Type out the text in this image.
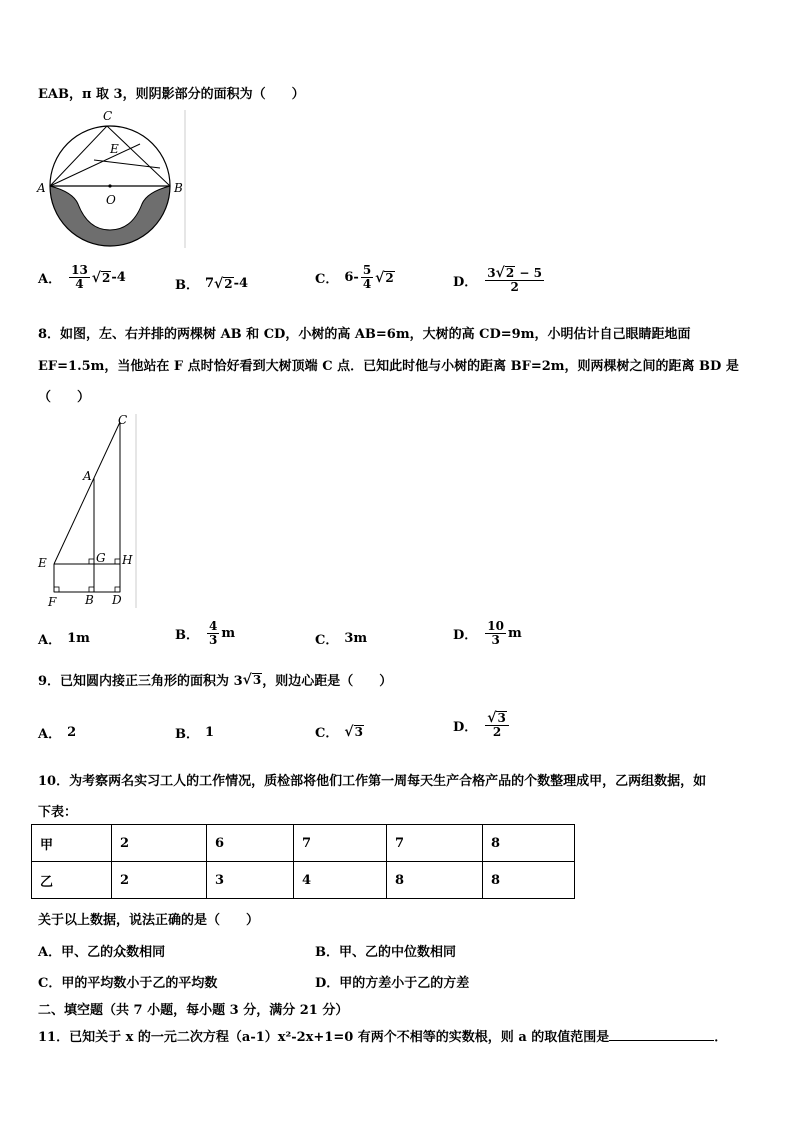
EAB，π 取 3，则阴影部分的面积为（　　）
C
E
A	B
O
A． $\frac{13}{4}$ √ 2 -4
B． 7 √ 2 -4	C． $6- \frac{5}{4}$ √ 2	D． $\frac{3 √ 2 - 5}{2}$
8．如图，左、右并排的两棵树 AB 和 CD，小树的高 AB=6m，大树的高 CD=9m，小明估计自己眼睛距地面
EF=1.5m，当他站在 F 点时恰好看到大树顶端 C 点．已知此时他与小树的距离 BF=2m，则两棵树之间的距离 BD 是
（　　）
C
A
E	G H
F B D
A． 1m	B． $\frac{4}{3}$ m	C． 3m	D． $\frac{10}{3}$ m
9．已知圆内接正三角形的面积为 3 √ 3 ，则边心距是（　　）
A． 2	B． 1	C． √ 3	D． $\frac{√ 3}{2}$
10．为考察两名实习工人的工作情况，质检部将他们工作第一周每天生产合格产品的个数整理成甲，乙两组数据，如
下表：
甲	2	6	7	7	8
乙	2	3	4	8	8
关于以上数据，说法正确的是（　　）
A．甲、乙的众数相同	B．甲、乙的中位数相同
C．甲的平均数小于乙的平均数	D．甲的方差小于乙的方差
二、填空题（共 7 小题，每小题 3 分，满分 21 分）
11．已知关于 x 的一元二次方程（a-1）x²-2x+1=0 有两个不相等的实数根，则 a 的取值范围是	．
